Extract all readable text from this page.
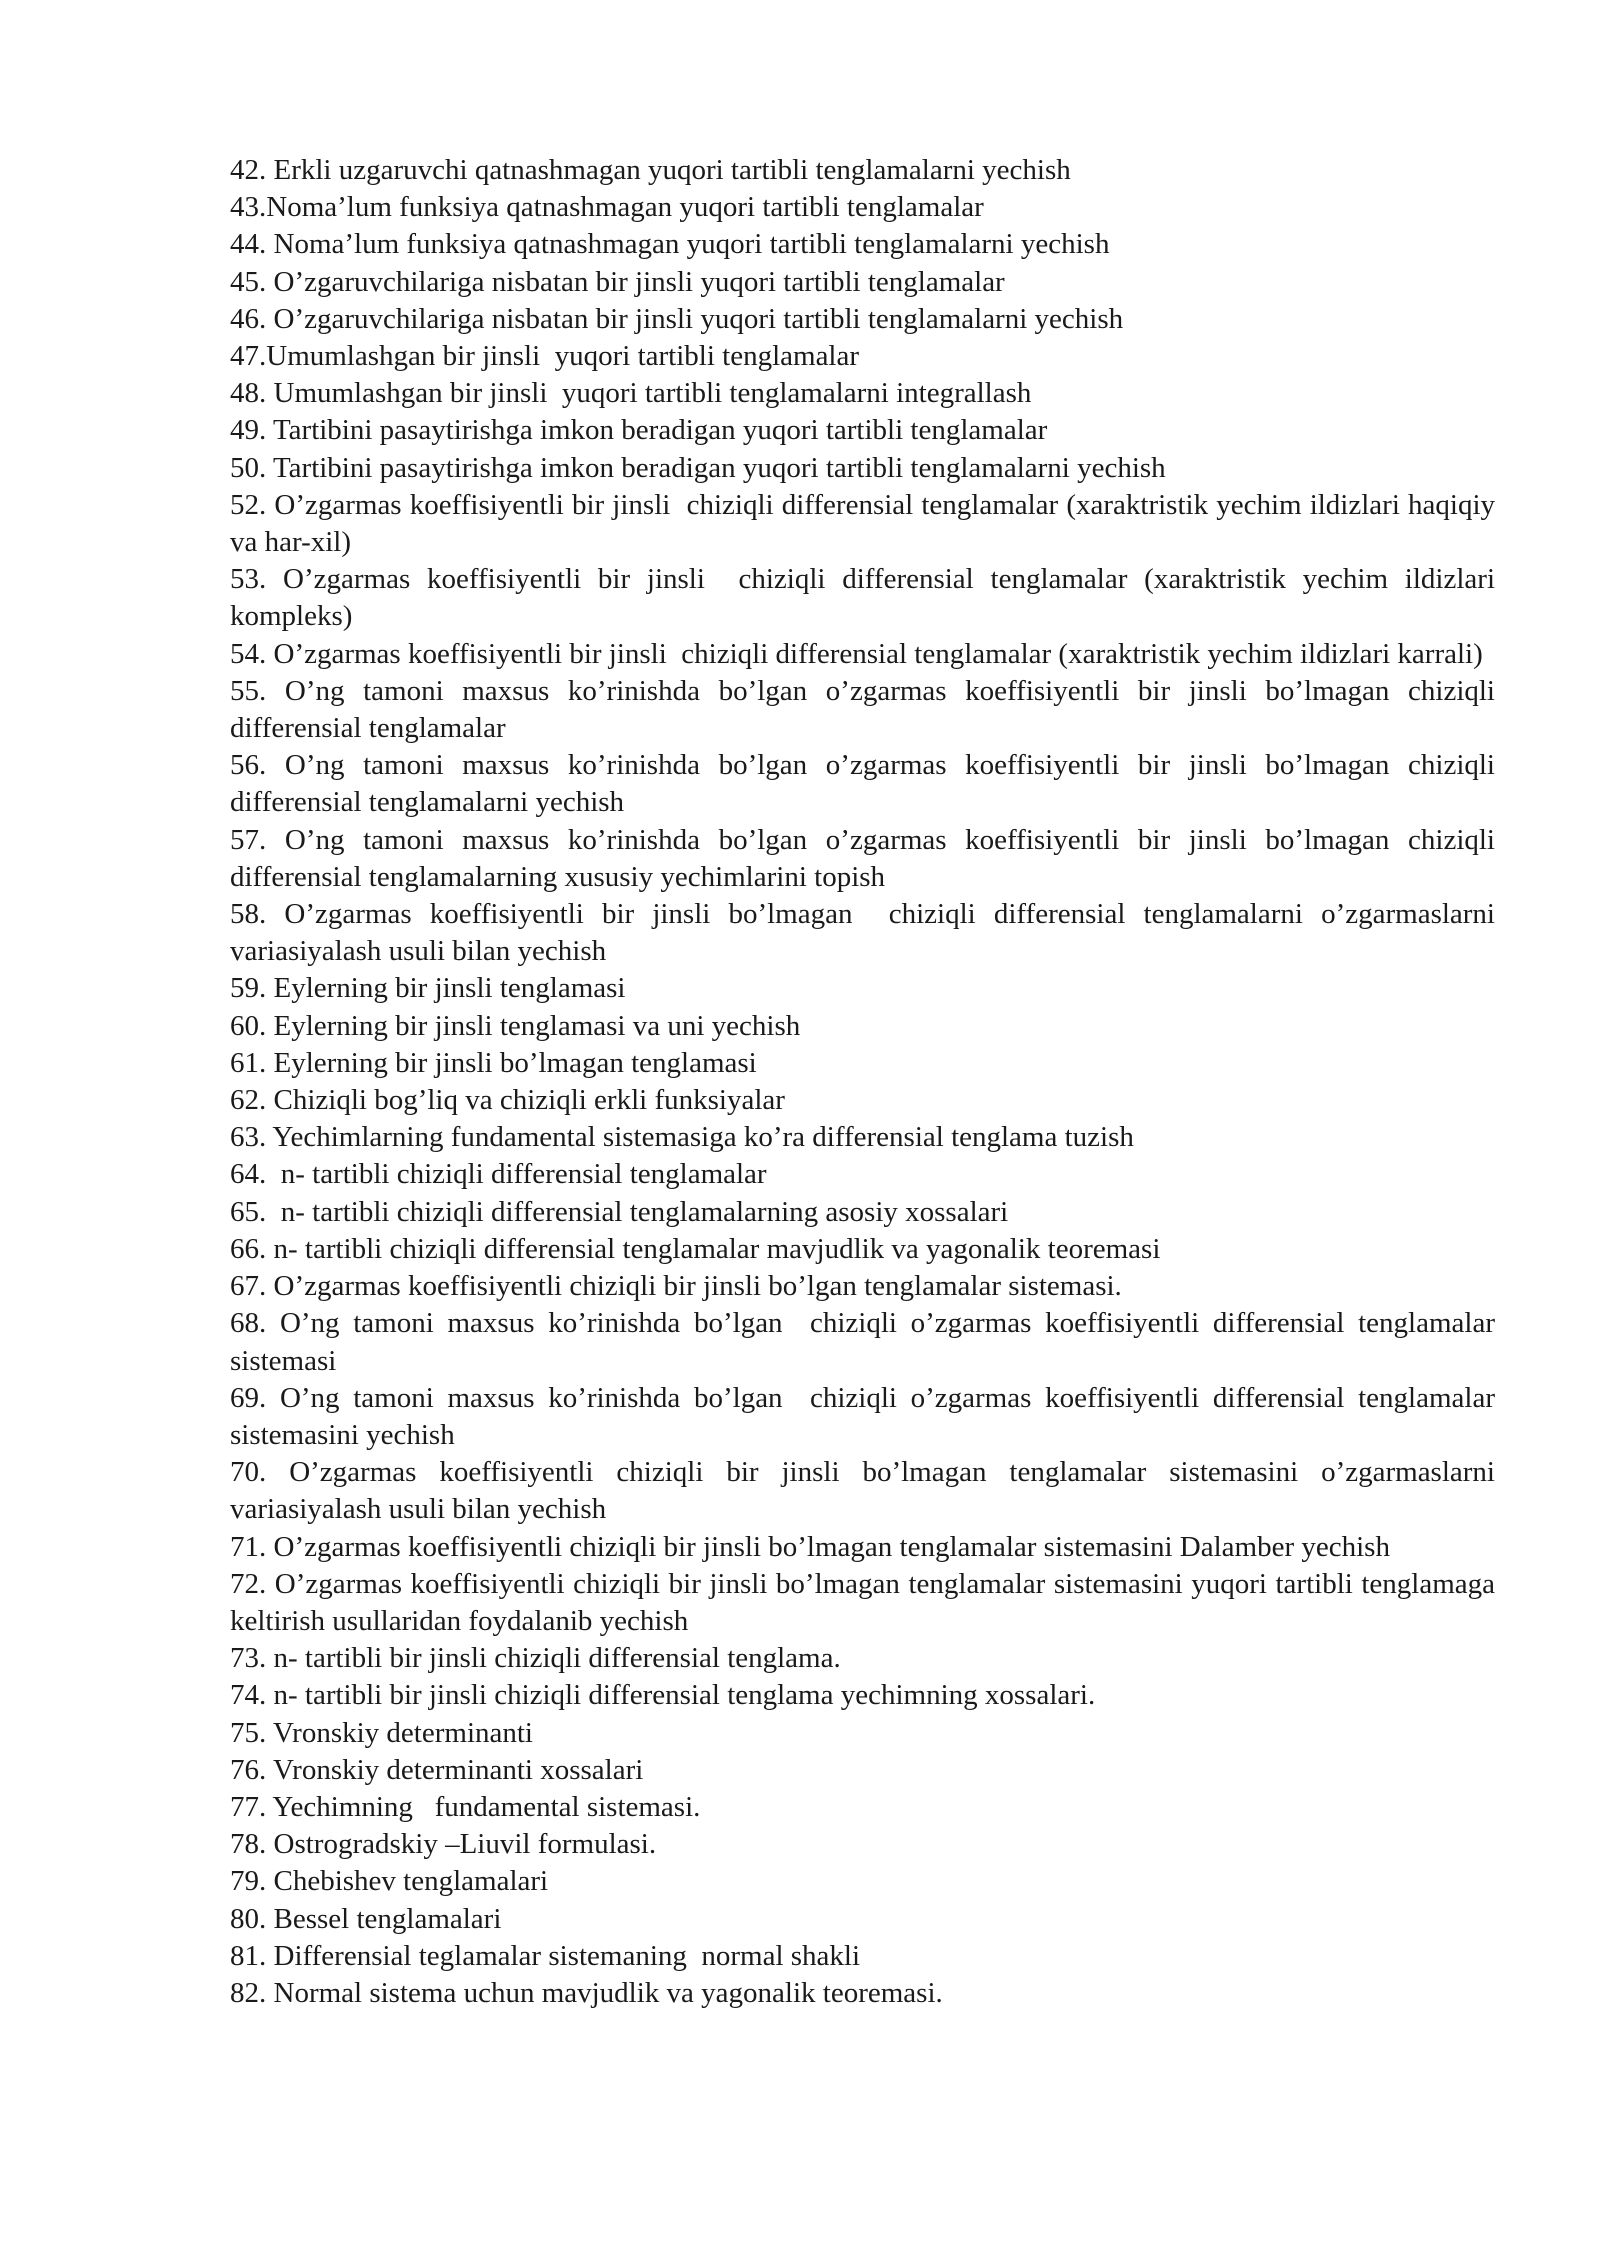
42. Erkli uzgaruvchi qatnashmagan yuqori tartibli tenglamalarni yechish
43.Noma’lum funksiya qatnashmagan yuqori tartibli tenglamalar
44. Noma’lum funksiya qatnashmagan yuqori tartibli tenglamalarni yechish
45. O’zgaruvchilariga nisbatan bir jinsli yuqori tartibli tenglamalar
46. O’zgaruvchilariga nisbatan bir jinsli yuqori tartibli tenglamalarni yechish
47.Umumlashgan bir jinsli  yuqori tartibli tenglamalar
48. Umumlashgan bir jinsli  yuqori tartibli tenglamalarni integrallash
49. Tartibini pasaytirishga imkon beradigan yuqori tartibli tenglamalar
50. Tartibini pasaytirishga imkon beradigan yuqori tartibli tenglamalarni yechish
52. O’zgarmas koeffisiyentli bir jinsli  chiziqli differensial tenglamalar (xaraktristik yechim ildizlari haqiqiy va har-xil)
53. O’zgarmas koeffisiyentli bir jinsli  chiziqli differensial tenglamalar (xaraktristik yechim ildizlari kompleks)
54. O’zgarmas koeffisiyentli bir jinsli  chiziqli differensial tenglamalar (xaraktristik yechim ildizlari karrali)
55. O’ng tamoni maxsus ko’rinishda bo’lgan o’zgarmas koeffisiyentli bir jinsli bo’lmagan chiziqli differensial tenglamalar
56. O’ng tamoni maxsus ko’rinishda bo’lgan o’zgarmas koeffisiyentli bir jinsli bo’lmagan chiziqli differensial tenglamalarni yechish
57. O’ng tamoni maxsus ko’rinishda bo’lgan o’zgarmas koeffisiyentli bir jinsli bo’lmagan chiziqli differensial tenglamalarning xususiy yechimlarini topish
58. O’zgarmas koeffisiyentli bir jinsli bo’lmagan  chiziqli differensial tenglamalarni o’zgarmaslarni variasiyalash usuli bilan yechish
59. Eylerning bir jinsli tenglamasi
60. Eylerning bir jinsli tenglamasi va uni yechish
61. Eylerning bir jinsli bo’lmagan tenglamasi
62. Chiziqli bog’liq va chiziqli erkli funksiyalar
63. Yechimlarning fundamental sistemasiga ko’ra differensial tenglama tuzish
64.  n- tartibli chiziqli differensial tenglamalar
65.  n- tartibli chiziqli differensial tenglamalarning asosiy xossalari
66. n- tartibli chiziqli differensial tenglamalar mavjudlik va yagonalik teoremasi
67. O’zgarmas koeffisiyentli chiziqli bir jinsli bo’lgan tenglamalar sistemasi.
68. O’ng tamoni maxsus ko’rinishda bo’lgan  chiziqli o’zgarmas koeffisiyentli differensial tenglamalar sistemasi
69. O’ng tamoni maxsus ko’rinishda bo’lgan  chiziqli o’zgarmas koeffisiyentli differensial tenglamalar sistemasini yechish
70. O’zgarmas koeffisiyentli chiziqli bir jinsli bo’lmagan tenglamalar sistemasini o’zgarmaslarni variasiyalash usuli bilan yechish
71. O’zgarmas koeffisiyentli chiziqli bir jinsli bo’lmagan tenglamalar sistemasini Dalamber yechish
72. O’zgarmas koeffisiyentli chiziqli bir jinsli bo’lmagan tenglamalar sistemasini yuqori tartibli tenglamaga keltirish usullaridan foydalanib yechish
73. n- tartibli bir jinsli chiziqli differensial tenglama.
74. n- tartibli bir jinsli chiziqli differensial tenglama yechimning xossalari.
75. Vronskiy determinanti
76. Vronskiy determinanti xossalari
77. Yechimning   fundamental sistemasi.
78. Ostrogradskiy –Liuvil formulasi.
79. Chebishev tenglamalari
80. Bessel tenglamalari
81. Differensial teglamalar sistemaning  normal shakli
82. Normal sistema uchun mavjudlik va yagonalik teoremasi.
